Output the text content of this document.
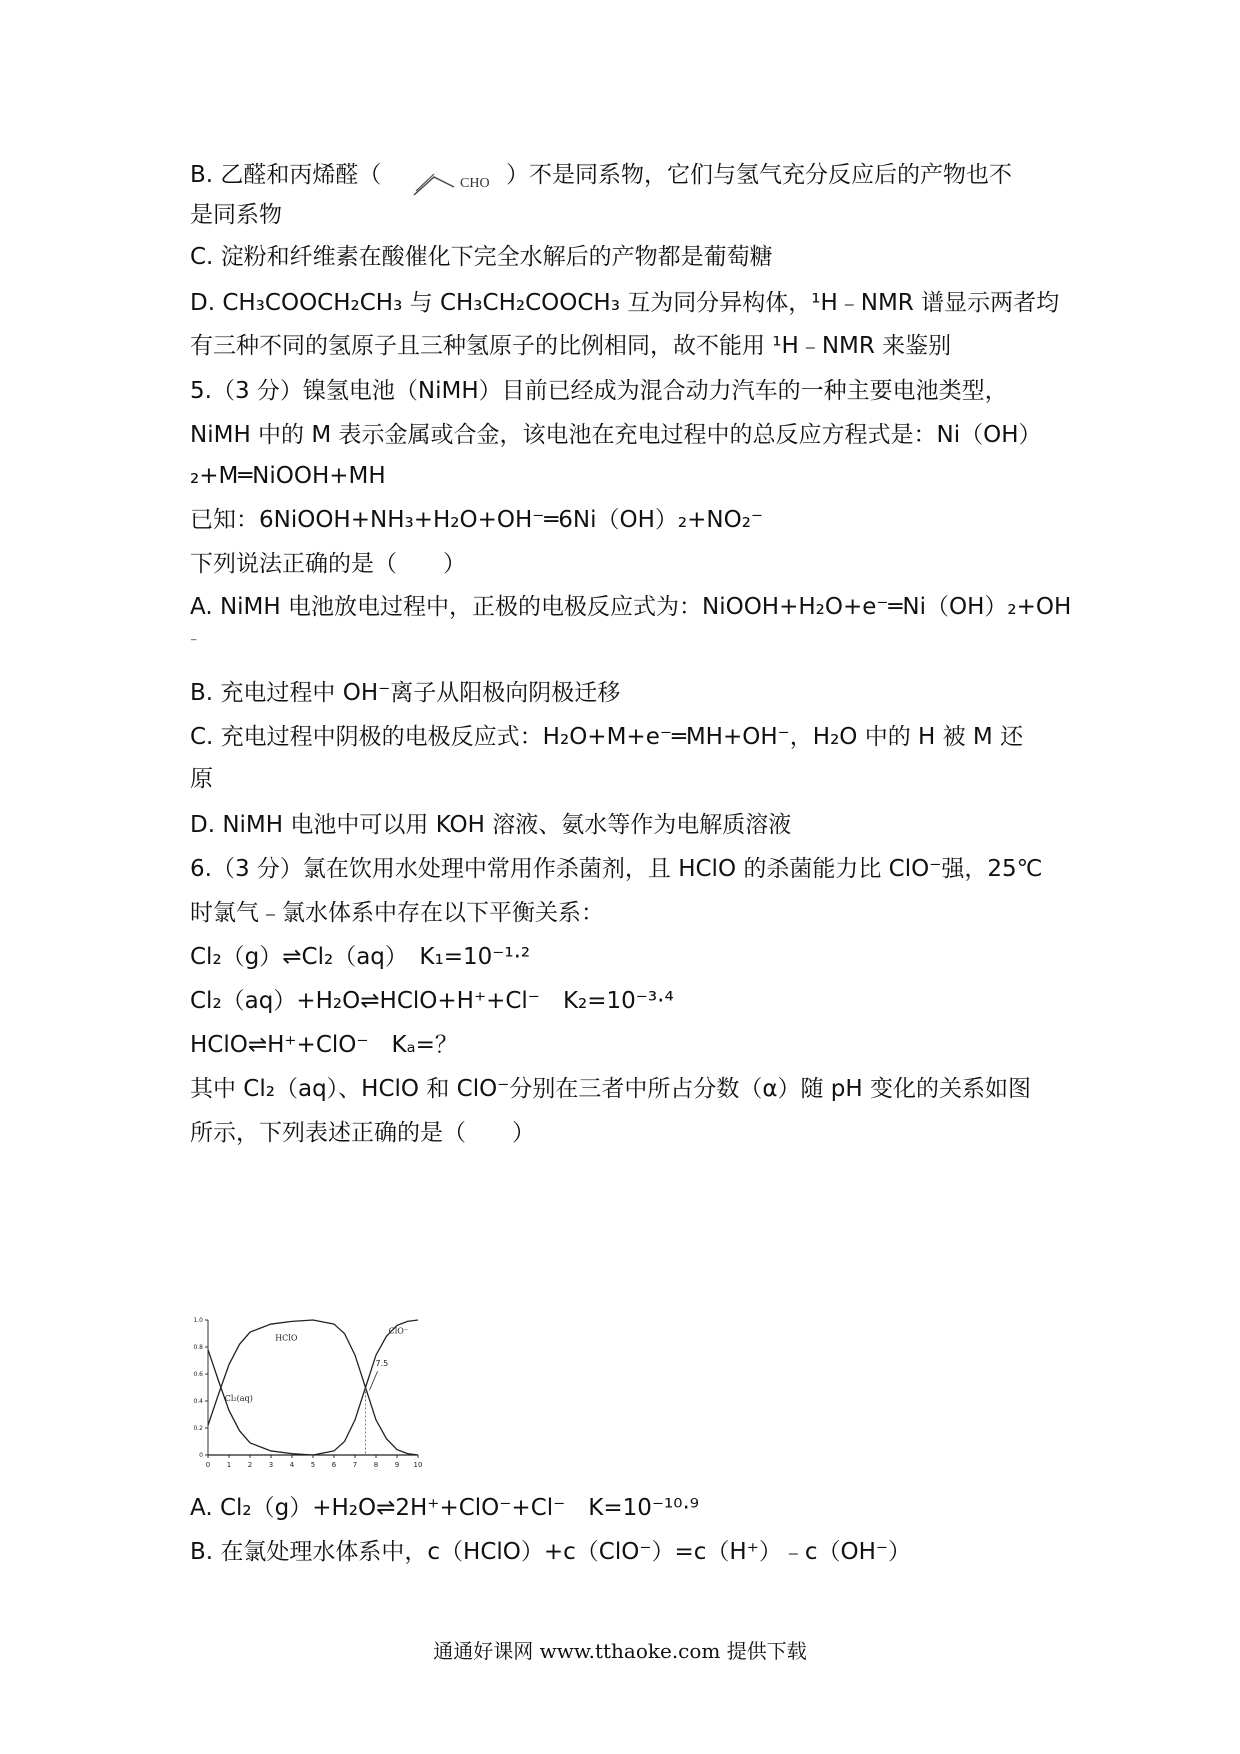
B. 乙醛和丙烯醛（	CHO ）不是同系物，它们与氢气充分反应后的产物也不
是同系物
C. 淀粉和纤维素在酸催化下完全水解后的产物都是葡萄糖
D. CH₃COOCH₂CH₃ 与 CH₃CH₂COOCH₃ 互为同分异构体，¹H﹣NMR 谱显示两者均
有三种不同的氢原子且三种氢原子的比例相同，故不能用 ¹H﹣NMR 来鉴别
5.（3 分）镍氢电池（NiMH）目前已经成为混合动力汽车的一种主要电池类型，
NiMH 中的 M 表示金属或合金，该电池在充电过程中的总反应方程式是：Ni（OH）
₂+M═NiOOH+MH
已知：6NiOOH+NH₃+H₂O+OH⁻═6Ni（OH）₂+NO₂⁻
下列说法正确的是（　　）
A. NiMH 电池放电过程中，正极的电极反应式为：NiOOH+H₂O+e⁻═Ni（OH）₂+OH
⁻
B. 充电过程中 OH⁻离子从阳极向阴极迁移
C. 充电过程中阴极的电极反应式：H₂O+M+e⁻═MH+OH⁻，H₂O 中的 H 被 M 还
原
D. NiMH 电池中可以用 KOH 溶液、氨水等作为电解质溶液
6.（3 分）氯在饮用水处理中常用作杀菌剂，且 HClO 的杀菌能力比 ClO⁻强，25℃
时氯气﹣氯水体系中存在以下平衡关系：
Cl₂（g）⇌Cl₂（aq）　K₁=10⁻¹·²
Cl₂（aq）+H₂O⇌HClO+H⁺+Cl⁻　K₂=10⁻³·⁴
HClO⇌H⁺+ClO⁻　Kₐ=？
其中 Cl₂（aq）、HClO 和 ClO⁻分别在三者中所占分数（α）随 pH 变化的关系如图
所示，下列表述正确的是（　　）
A. Cl₂（g）+H₂O⇌2H⁺+ClO⁻+Cl⁻　K=10⁻¹⁰·⁹
B. 在氯处理水体系中，c（HClO）+c（ClO⁻）=c（H⁺）﹣c（OH⁻）
0 1 2 3 4 5 6 7 8 9 10
0
0.2
0.4
0.6
0.8
1.0
Cl₂(aq)
HClO
ClO⁻
7.5
通通好课网 www.tthaoke.com 提供下载
